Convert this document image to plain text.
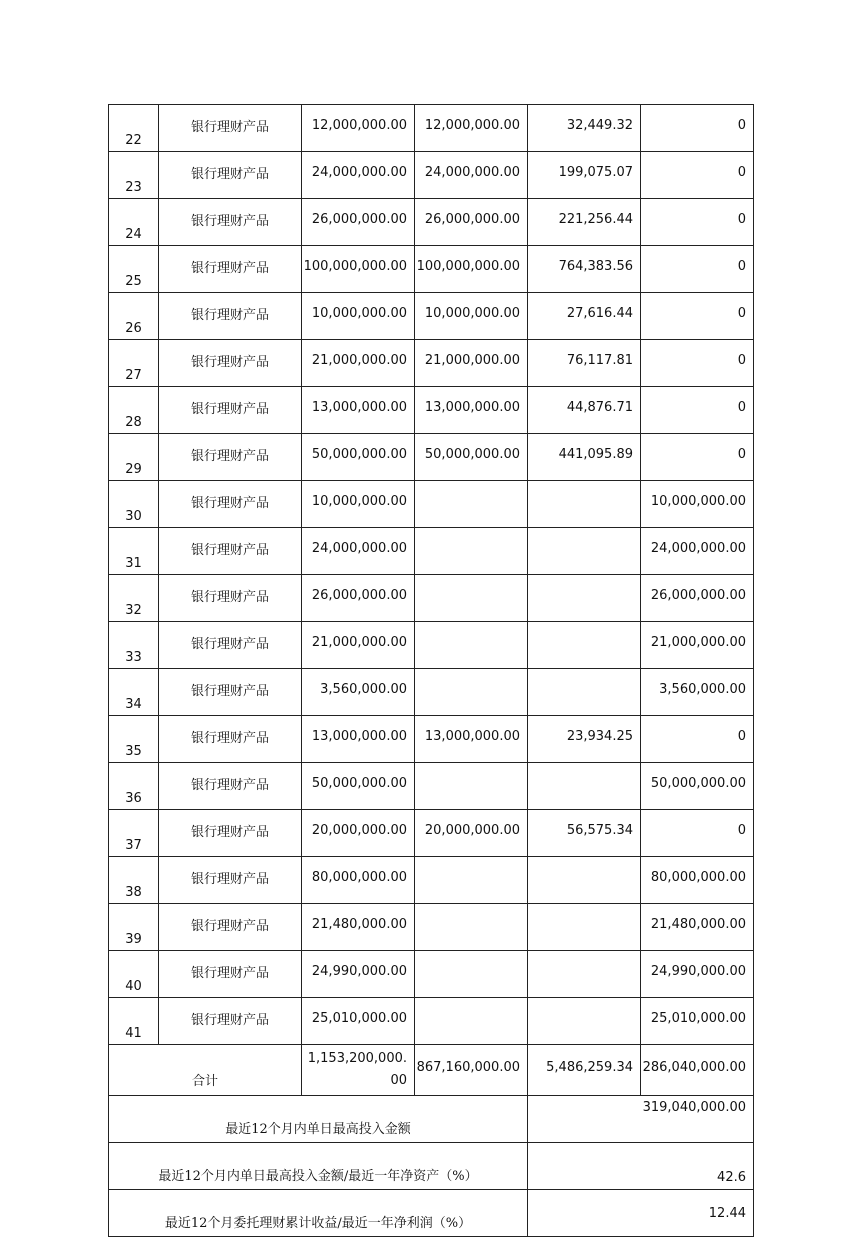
22	银行理财产品	12,000,000.00	12,000,000.00	32,449.32	0
23	银行理财产品	24,000,000.00	24,000,000.00	199,075.07	0
24	银行理财产品	26,000,000.00	26,000,000.00	221,256.44	0
25	银行理财产品	100,000,000.00	100,000,000.00	764,383.56	0
26	银行理财产品	10,000,000.00	10,000,000.00	27,616.44	0
27	银行理财产品	21,000,000.00	21,000,000.00	76,117.81	0
28	银行理财产品	13,000,000.00	13,000,000.00	44,876.71	0
29	银行理财产品	50,000,000.00	50,000,000.00	441,095.89	0
30	银行理财产品	10,000,000.00			10,000,000.00
31	银行理财产品	24,000,000.00			24,000,000.00
32	银行理财产品	26,000,000.00			26,000,000.00
33	银行理财产品	21,000,000.00			21,000,000.00
34	银行理财产品	3,560,000.00			3,560,000.00
35	银行理财产品	13,000,000.00	13,000,000.00	23,934.25	0
36	银行理财产品	50,000,000.00			50,000,000.00
37	银行理财产品	20,000,000.00	20,000,000.00	56,575.34	0
38	银行理财产品	80,000,000.00			80,000,000.00
39	银行理财产品	21,480,000.00			21,480,000.00
40	银行理财产品	24,990,000.00			24,990,000.00
41	银行理财产品	25,010,000.00			25,010,000.00
合计		1,153,200,000.00	867,160,000.00	5,486,259.34	286,040,000.00
最近12个月内单日最高投入金额				319,040,000.00	
最近12个月内单日最高投入金额/最近一年净资产（%）				42.6	
最近12个月委托理财累计收益/最近一年净利润（%）				12.44	
